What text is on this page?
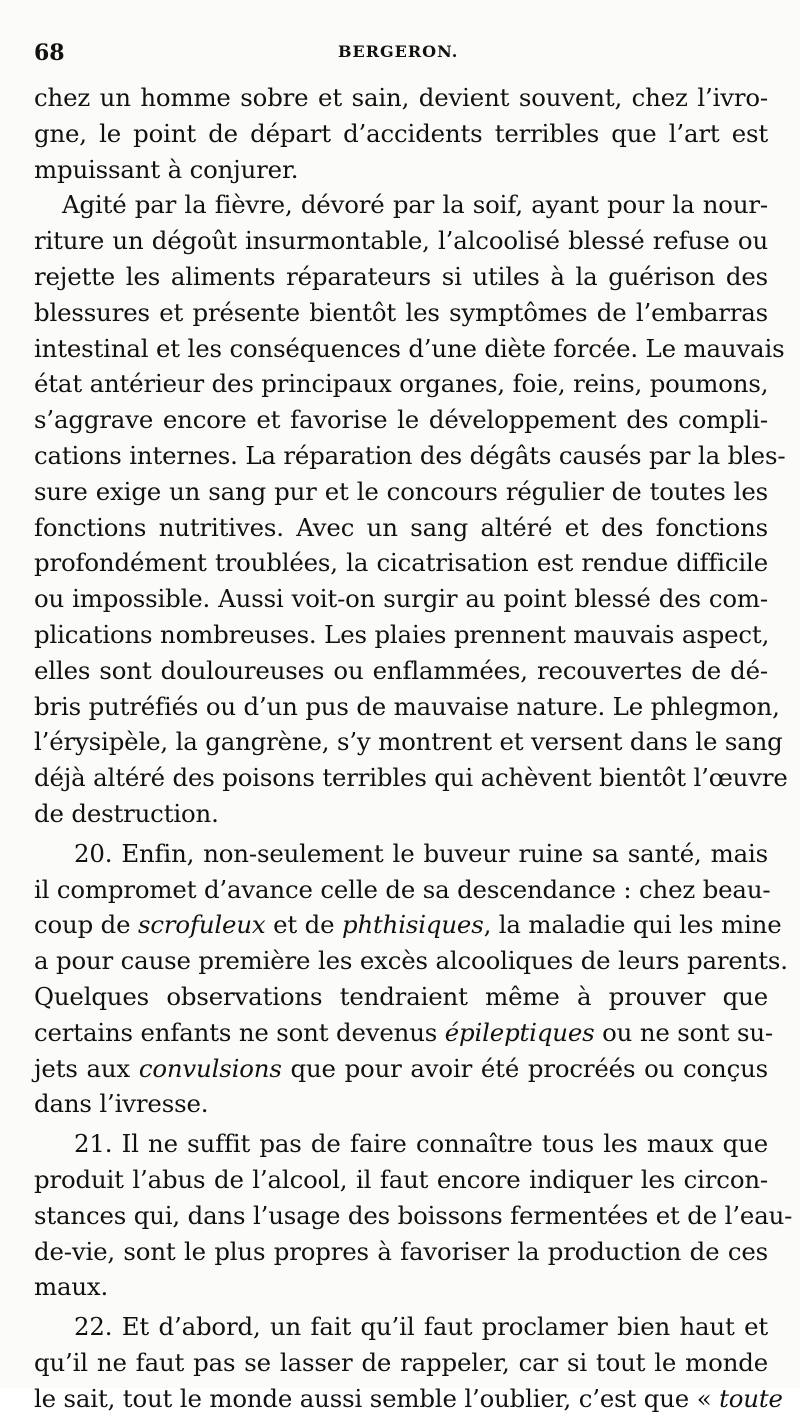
68	BERGERON.
chez un homme sobre et sain, devient souvent, chez l’ivro-
gne, le point de départ d’accidents terribles que l’art est
mpuissant à conjurer.
Agité par la fièvre, dévoré par la soif, ayant pour la nour-
riture un dégoût insurmontable, l’alcoolisé blessé refuse ou
rejette les aliments réparateurs si utiles à la guérison des
blessures et présente bientôt les symptômes de l’embarras
intestinal et les conséquences d’une diète forcée. Le mauvais
état antérieur des principaux organes, foie, reins, poumons,
s’aggrave encore et favorise le développement des compli-
cations internes. La réparation des dégâts causés par la bles-
sure exige un sang pur et le concours régulier de toutes les
fonctions nutritives. Avec un sang altéré et des fonctions
profondément troublées, la cicatrisation est rendue difficile
ou impossible. Aussi voit-on surgir au point blessé des com-
plications nombreuses. Les plaies prennent mauvais aspect,
elles sont douloureuses ou enflammées, recouvertes de dé-
bris putréfiés ou d’un pus de mauvaise nature. Le phlegmon,
l’érysipèle, la gangrène, s’y montrent et versent dans le sang
déjà altéré des poisons terribles qui achèvent bientôt l’œuvre
de destruction.
20. Enfin, non-seulement le buveur ruine sa santé, mais
il compromet d’avance celle de sa descendance : chez beau-
coup de scrofuleux et de phthisiques, la maladie qui les mine
a pour cause première les excès alcooliques de leurs parents.
Quelques observations tendraient même à prouver que
certains enfants ne sont devenus épileptiques ou ne sont su-
jets aux convulsions que pour avoir été procréés ou conçus
dans l’ivresse.
21. Il ne suffit pas de faire connaître tous les maux que
produit l’abus de l’alcool, il faut encore indiquer les circon-
stances qui, dans l’usage des boissons fermentées et de l’eau-
de-vie, sont le plus propres à favoriser la production de ces
maux.
22. Et d’abord, un fait qu’il faut proclamer bien haut et
qu’il ne faut pas se lasser de rappeler, car si tout le monde
le sait, tout le monde aussi semble l’oublier, c’est que « toute
